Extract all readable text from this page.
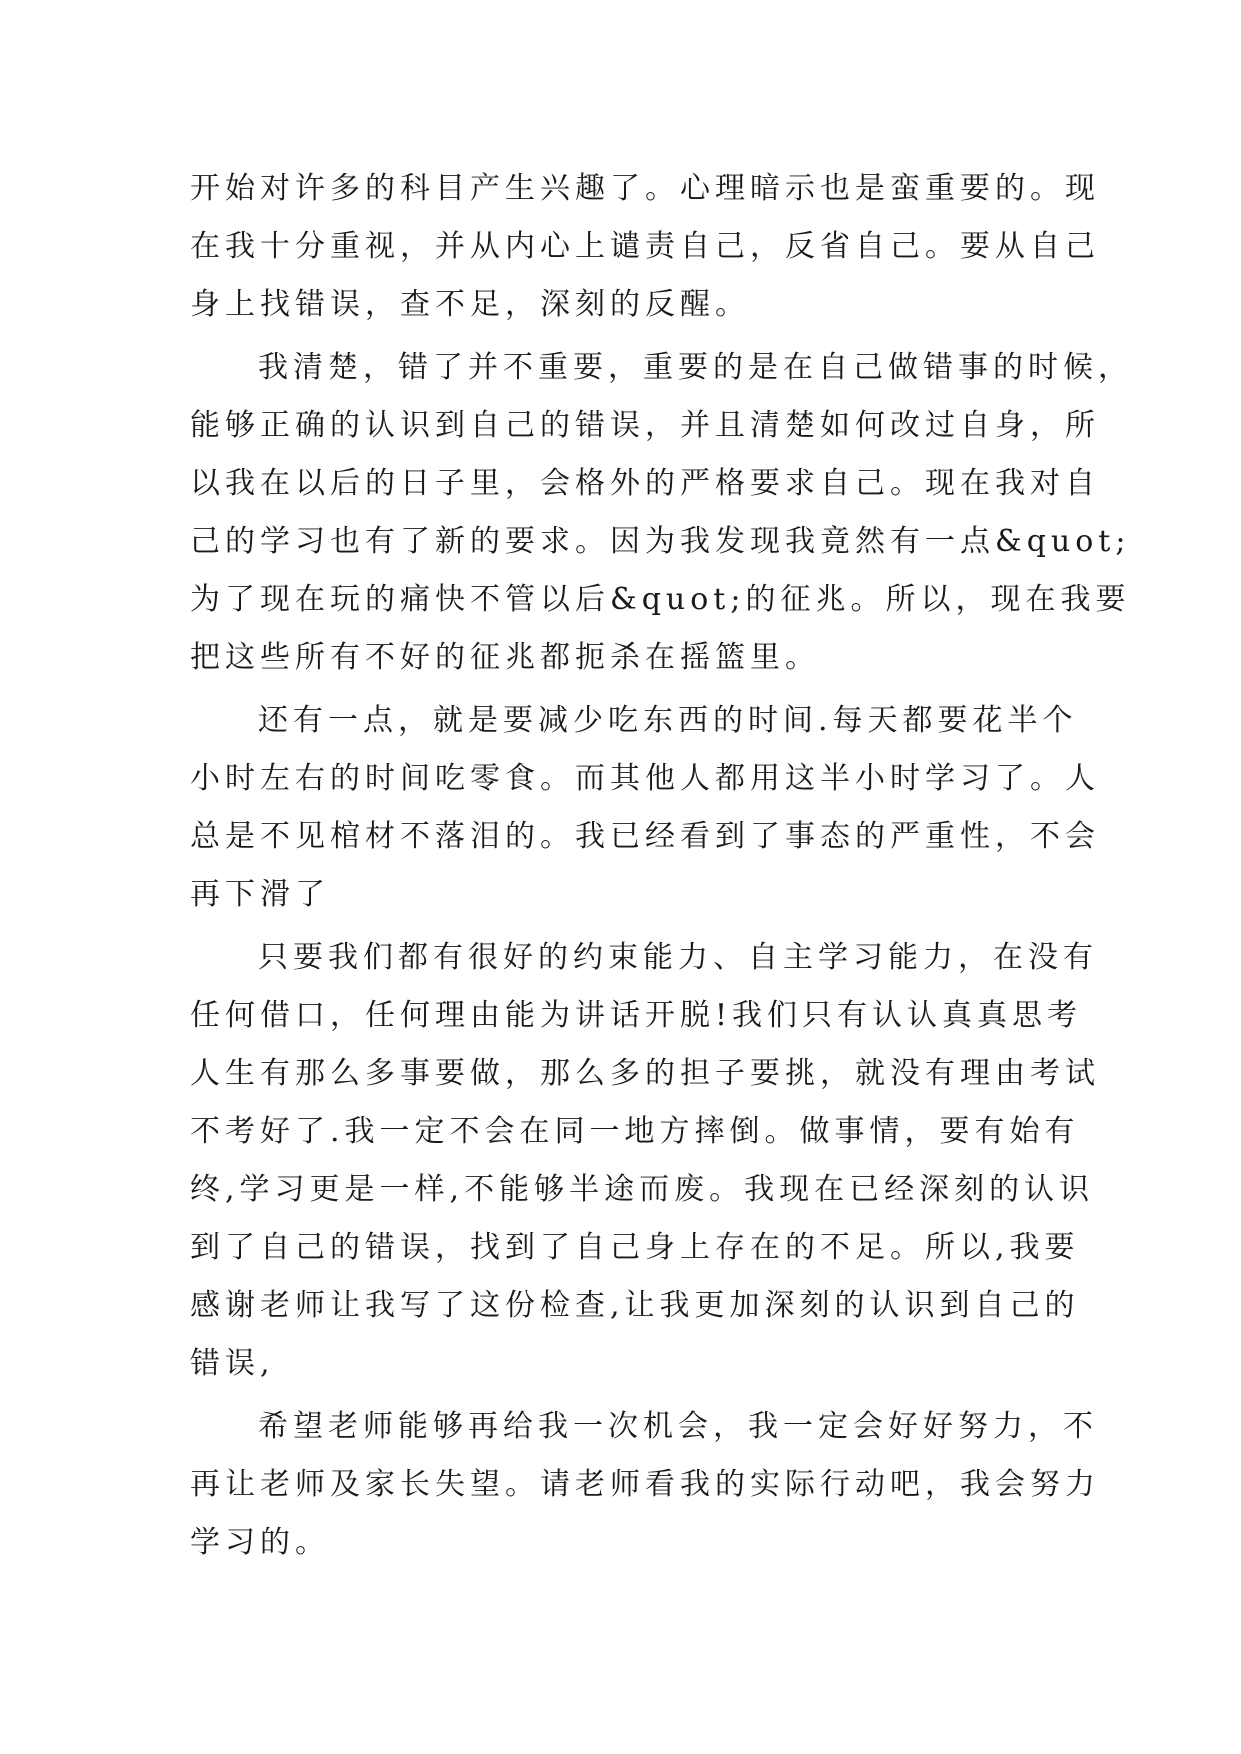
开始对许多的科目产生兴趣了。心理暗示也是蛮重要的。现
在我十分重视，并从内心上谴责自己，反省自己。要从自己
身上找错误，查不足，深刻的反醒。
我清楚，错了并不重要，重要的是在自己做错事的时候，
能够正确的认识到自己的错误，并且清楚如何改过自身，所
以我在以后的日子里，会格外的严格要求自己。现在我对自
己的学习也有了新的要求。因为我发现我竟然有一点&quot;
为了现在玩的痛快不管以后&quot;的征兆。所以，现在我要
把这些所有不好的征兆都扼杀在摇篮里。
还有一点，就是要减少吃东西的时间.每天都要花半个
小时左右的时间吃零食。而其他人都用这半小时学习了。人
总是不见棺材不落泪的。我已经看到了事态的严重性，不会
再下滑了
只要我们都有很好的约束能力、自主学习能力，在没有
任何借口，任何理由能为讲话开脱!我们只有认认真真思考
人生有那么多事要做，那么多的担子要挑，就没有理由考试
不考好了.我一定不会在同一地方摔倒。做事情，要有始有
终,学习更是一样,不能够半途而废。我现在已经深刻的认识
到了自己的错误，找到了自己身上存在的不足。所以,我要
感谢老师让我写了这份检查,让我更加深刻的认识到自己的
错误,
希望老师能够再给我一次机会，我一定会好好努力，不
再让老师及家长失望。请老师看我的实际行动吧，我会努力
学习的。
